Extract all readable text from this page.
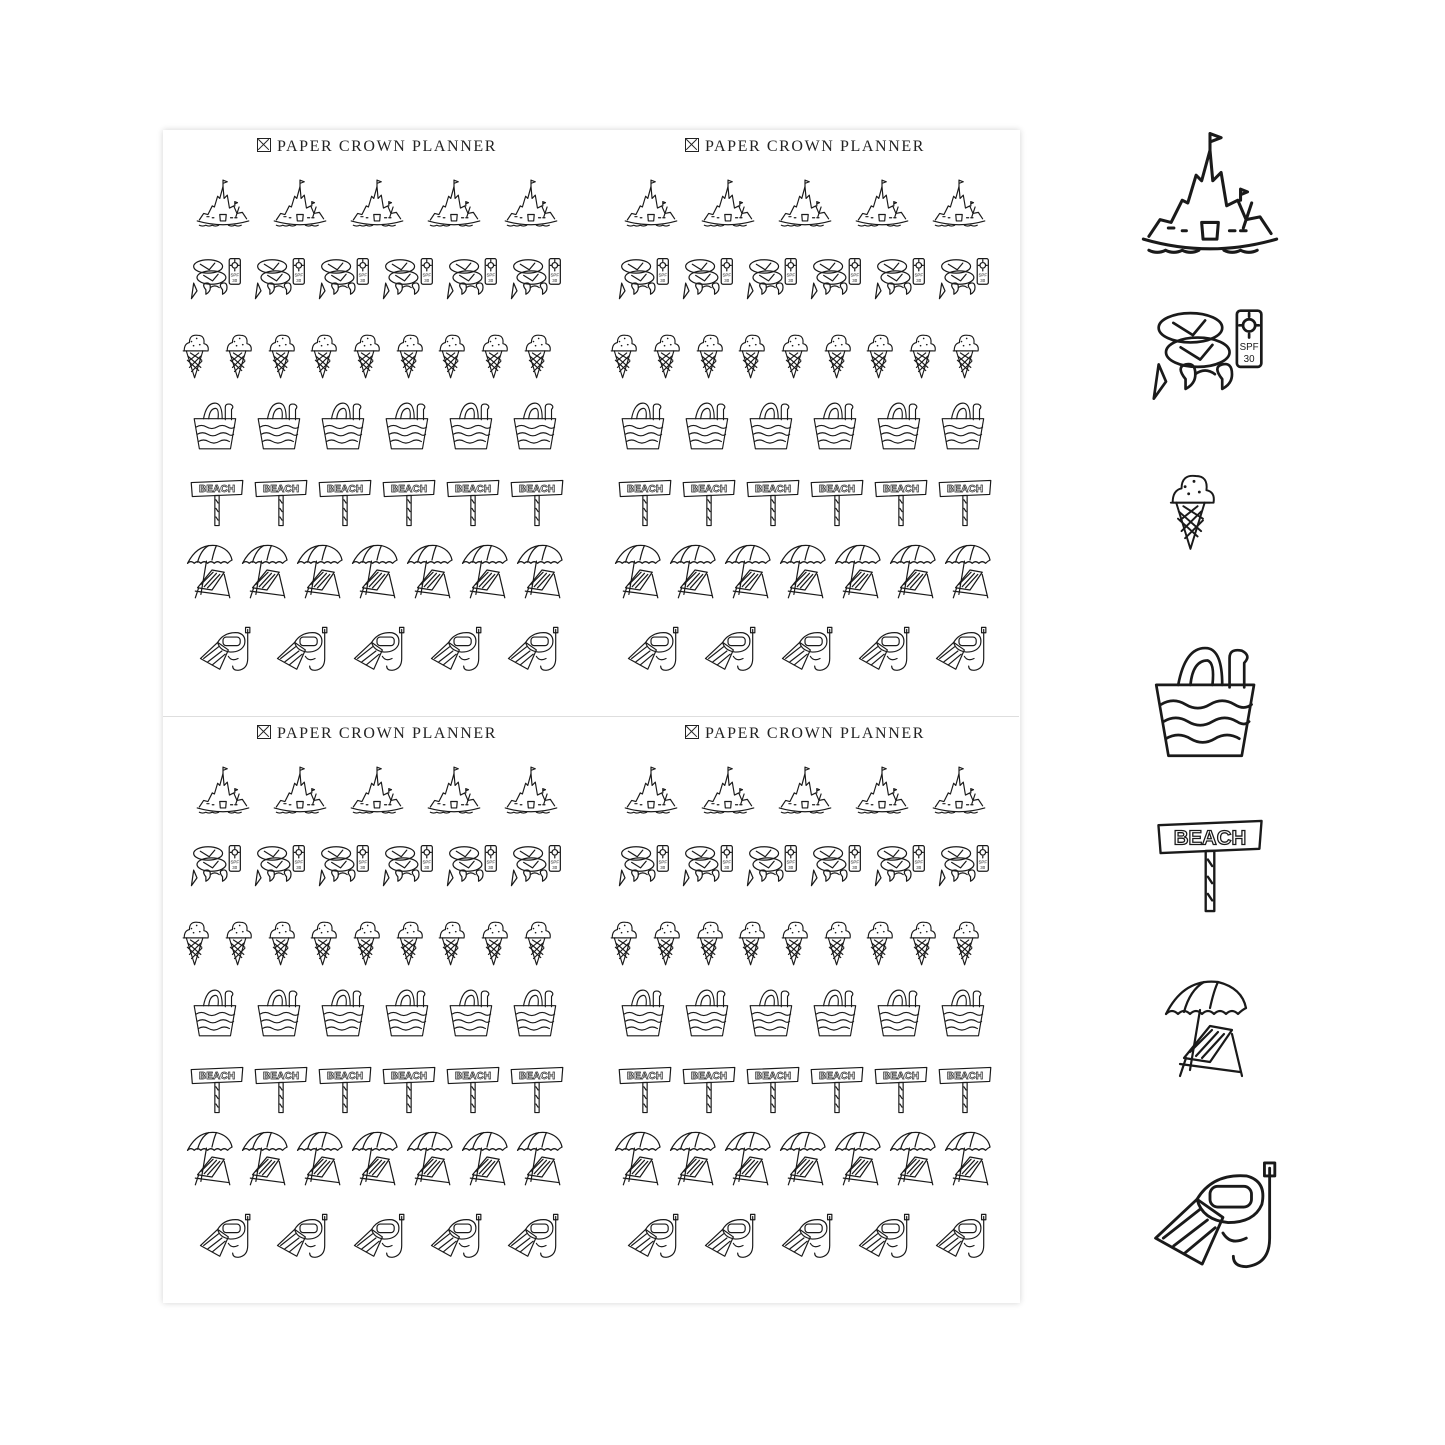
PAPER CROWN PLANNER
SPF
30
SPF
30
SPF
30
SPF
30
SPF
30
SPF
30
BEACH BEACH BEACH BEACH BEACH BEACH
PAPER CROWN PLANNER
SPF
30
SPF
30
SPF
30
SPF
30
SPF
30
SPF
30
BEACH BEACH BEACH BEACH BEACH BEACH
PAPER CROWN PLANNER
SPF
30
SPF
30
SPF
30
SPF
30
SPF
30
SPF
30
BEACH BEACH BEACH BEACH BEACH BEACH
PAPER CROWN PLANNER
SPF
30
SPF
30
SPF
30
SPF
30
SPF
30
SPF
30
BEACH BEACH BEACH BEACH BEACH BEACH
SPF
30
BEACH
